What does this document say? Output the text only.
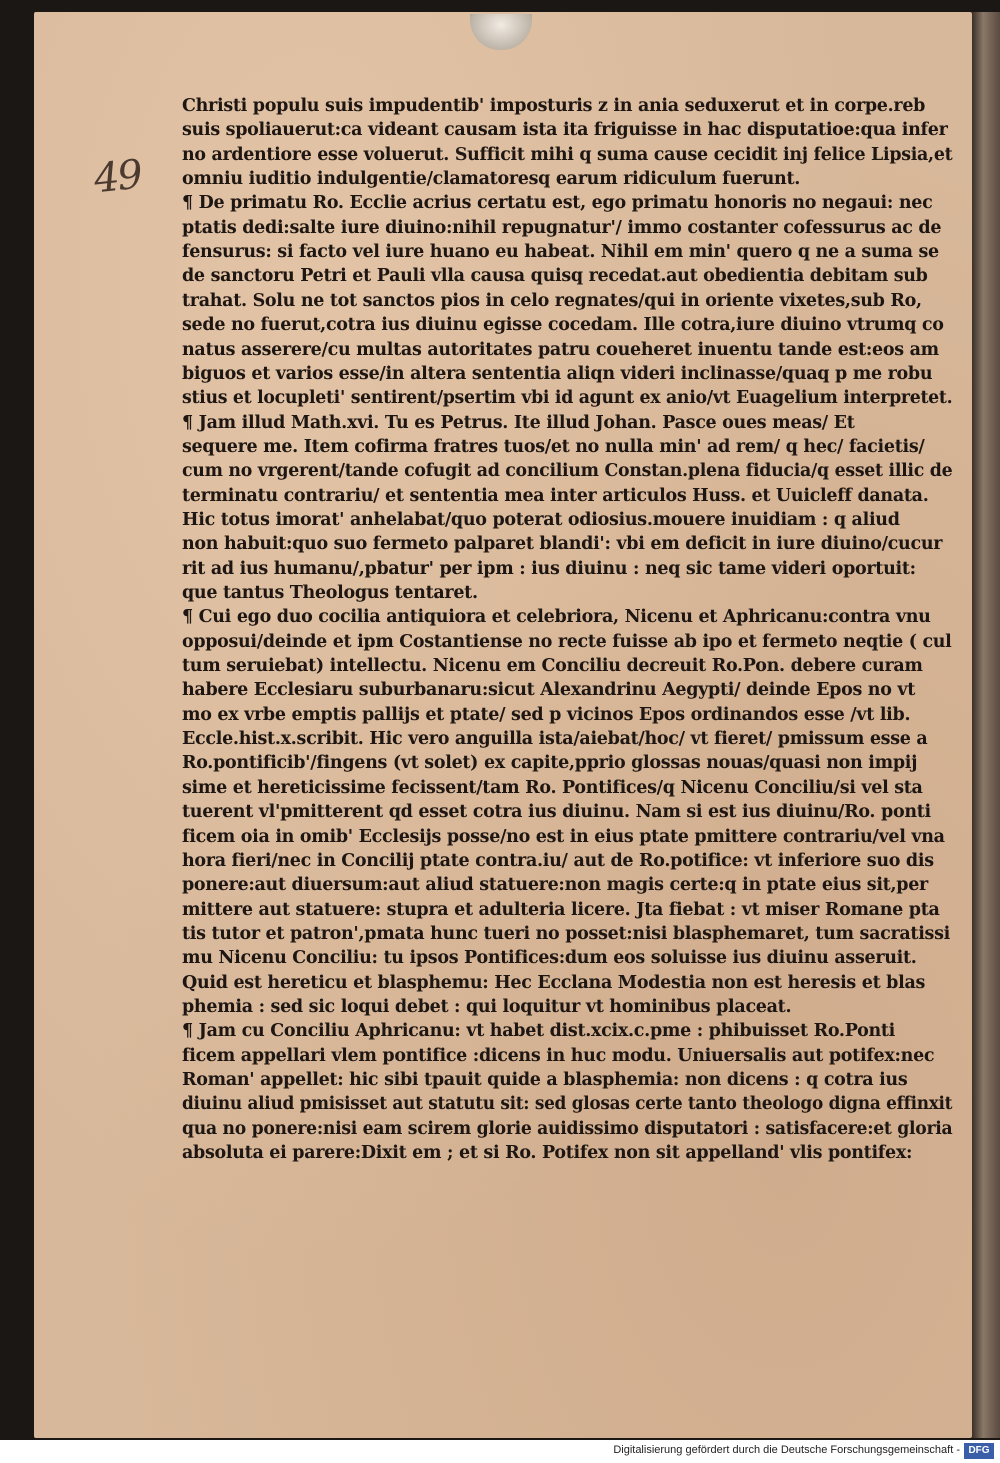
49
Christi populu suis impudentib' imposturis z in ania seduxerut et in corpe.reb
suis spoliauerut:ca videant causam ista ita friguisse in hac disputatioe:qua infer
no ardentiore esse voluerut. Sufficit mihi q suma cause cecidit inj felice Lipsia,et
omniu iuditio indulgentie/clamatoresq earum ridiculum fuerunt.
¶ De primatu Ro. Ecclie acrius certatu est, ego primatu honoris no negaui: nec
ptatis dedi:salte iure diuino:nihil repugnatur'/ immo costanter cofessurus ac de
fensurus: si facto vel iure huano eu habeat. Nihil em min' quero q ne a suma se
de sanctoru Petri et Pauli vlla causa quisq recedat.aut obedientia debitam sub
trahat. Solu ne tot sanctos pios in celo regnates/qui in oriente vixetes,sub Ro,
sede no fuerut,cotra ius diuinu egisse cocedam. Ille cotra,iure diuino vtrumq co
natus asserere/cu multas autoritates patru coueheret inuentu tande est:eos am
biguos et varios esse/in altera sententia aliqn videri inclinasse/quaq p me robu
stius et locupleti' sentirent/psertim vbi id agunt ex anio/vt Euagelium interpretet.
¶ Jam illud Math.xvi. Tu es Petrus. Ite illud Johan. Pasce oues meas/ Et
sequere me. Item cofirma fratres tuos/et no nulla min' ad rem/ q hec/ facietis/
cum no vrgerent/tande cofugit ad concilium Constan.plena fiducia/q esset illic de
terminatu contrariu/ et sententia mea inter articulos Huss. et Uuicleff danata.
Hic totus imorat' anhelabat/quo poterat odiosius.mouere inuidiam : q aliud
non habuit:quo suo fermeto palparet blandi': vbi em deficit in iure diuino/cucur
rit ad ius humanu/,pbatur' per ipm : ius diuinu : neq sic tame videri oportuit:
que tantus Theologus tentaret.
¶ Cui ego duo cocilia antiquiora et celebriora, Nicenu et Aphricanu:contra vnu
opposui/deinde et ipm Costantiense no recte fuisse ab ipo et fermeto neqtie ( cul
tum seruiebat) intellectu. Nicenu em Conciliu decreuit Ro.Pon. debere curam
habere Ecclesiaru suburbanaru:sicut Alexandrinu Aegypti/ deinde Epos no vt
mo ex vrbe emptis pallijs et ptate/ sed p vicinos Epos ordinandos esse /vt lib.
Eccle.hist.x.scribit. Hic vero anguilla ista/aiebat/hoc/ vt fieret/ pmissum esse a
Ro.pontificib'/fingens (vt solet) ex capite,pprio glossas nouas/quasi non impij
sime et hereticissime fecissent/tam Ro. Pontifices/q Nicenu Conciliu/si vel sta
tuerent vl'pmitterent qd esset cotra ius diuinu. Nam si est ius diuinu/Ro. ponti
ficem oia in omib' Ecclesijs posse/no est in eius ptate pmittere contrariu/vel vna
hora fieri/nec in Concilij ptate contra.iu/ aut de Ro.potifice: vt inferiore suo dis
ponere:aut diuersum:aut aliud statuere:non magis certe:q in ptate eius sit,per
mittere aut statuere: stupra et adulteria licere. Jta fiebat : vt miser Romane pta
tis tutor et patron',pmata hunc tueri no posset:nisi blasphemaret, tum sacratissi
mu Nicenu Conciliu: tu ipsos Pontifices:dum eos soluisse ius diuinu asseruit.
Quid est hereticu et blasphemu: Hec Ecclana Modestia non est heresis et blas
phemia : sed sic loqui debet : qui loquitur vt hominibus placeat.
¶ Jam cu Conciliu Aphricanu: vt habet dist.xcix.c.pme : phibuisset Ro.Ponti
ficem appellari vlem pontifice :dicens in huc modu. Uniuersalis aut potifex:nec
Roman' appellet: hic sibi tpauit quide a blasphemia: non dicens : q cotra ius
diuinu aliud pmisisset aut statutu sit: sed glosas certe tanto theologo digna effinxit
qua no ponere:nisi eam scirem glorie auidissimo disputatori : satisfacere:et gloria
absoluta ei parere:Dixit em ; et si Ro. Potifex non sit appelland' vlis pontifex:
Digitalisierung gefördert durch die Deutsche Forschungsgemeinschaft - DFG
